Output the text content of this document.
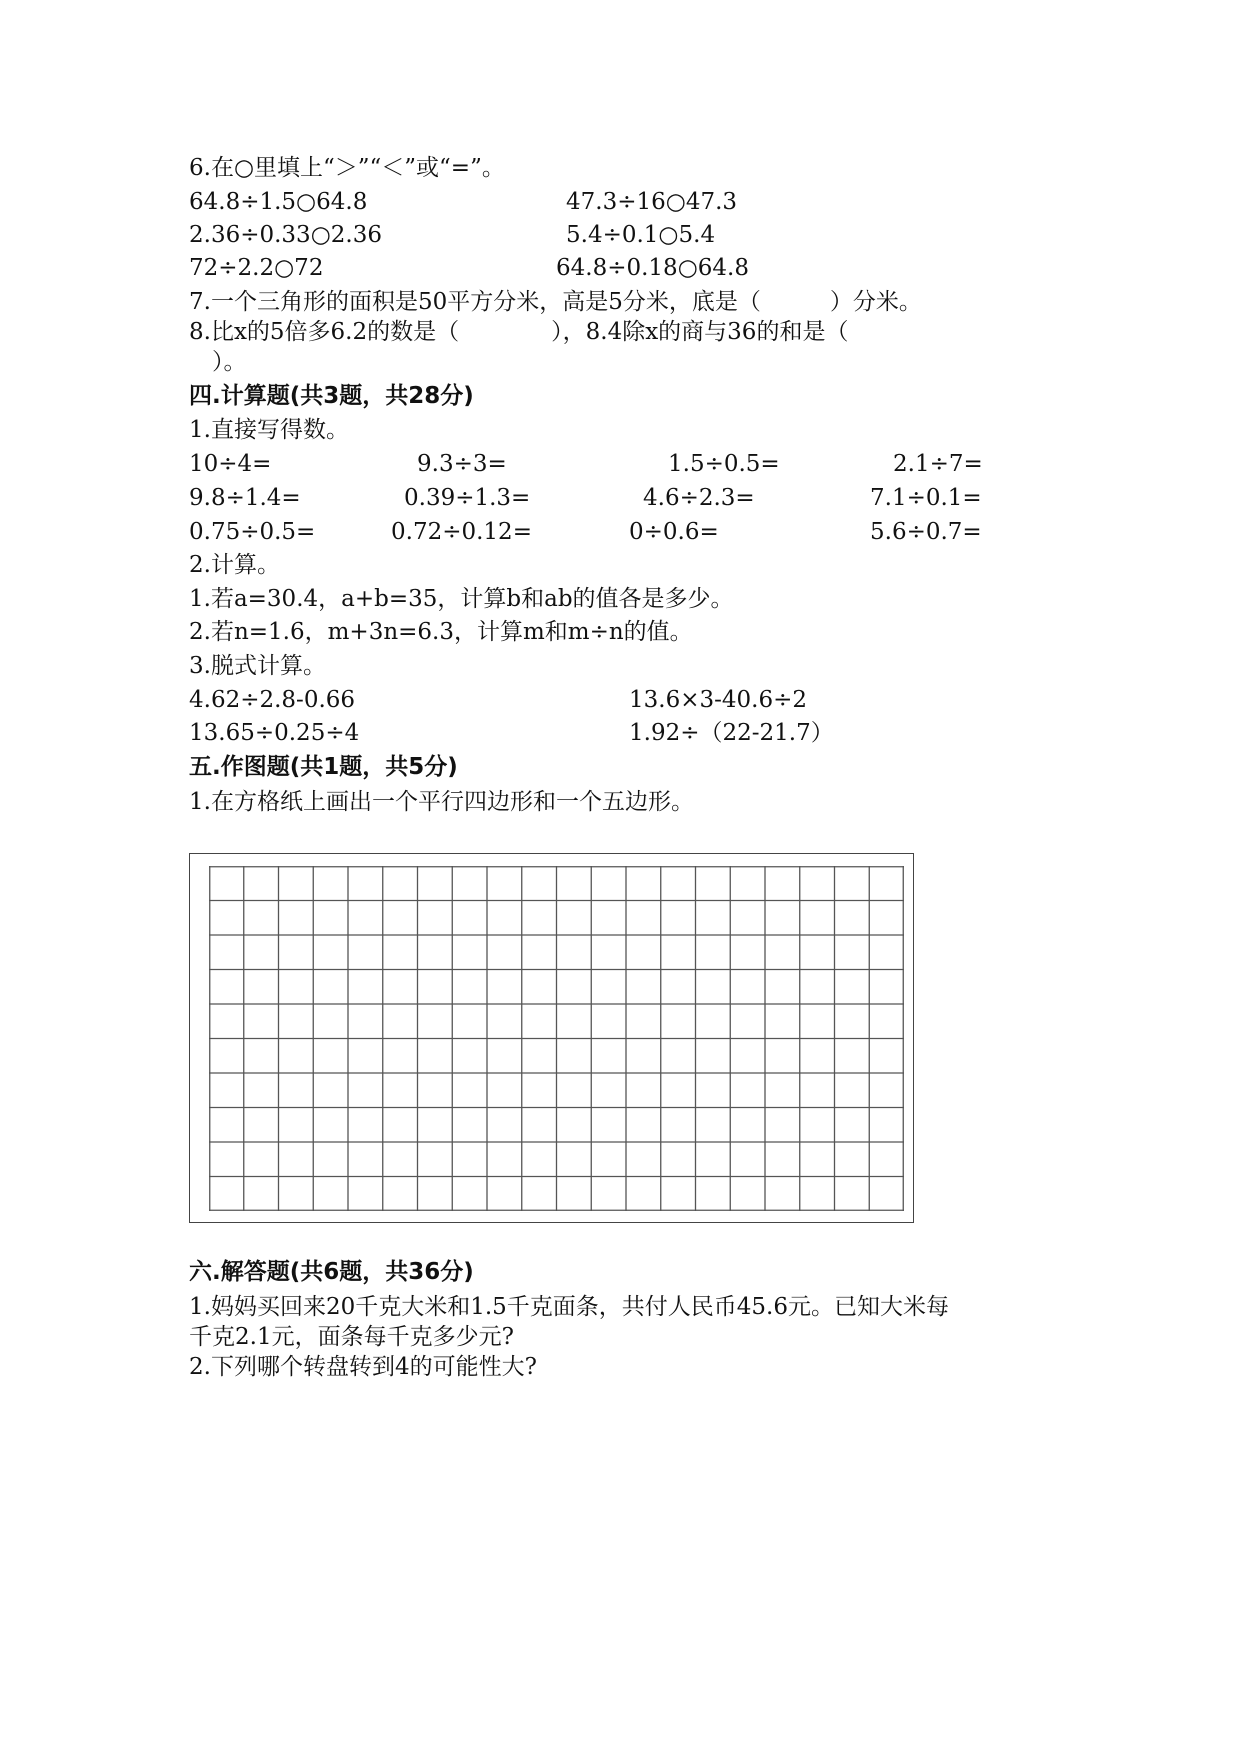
6.在○里填上“＞”“＜”或“=”。
64.8÷1.5○64.8	47.3÷16○47.3
2.36÷0.33○2.36	5.4÷0.1○5.4
72÷2.2○72	64.8÷0.18○64.8
7.一个三角形的面积是50平方分米，高是5分米，底是（　　　）分米。
8.比x的5倍多6.2的数是（　　　　），8.4除x的商与36的和是（
　）。
四.计算题(共3题，共28分)
1.直接写得数。
10÷4=	9.3÷3=	1.5÷0.5=	2.1÷7=
9.8÷1.4=	0.39÷1.3=	4.6÷2.3=	7.1÷0.1=
0.75÷0.5=	0.72÷0.12=	0÷0.6=	5.6÷0.7=
2.计算。
1.若a=30.4，a+b=35，计算b和ab的值各是多少。
2.若n=1.6，m+3n=6.3，计算m和m÷n的值。
3.脱式计算。
4.62÷2.8-0.66	13.6×3-40.6÷2
13.65÷0.25÷4	1.92÷（22-21.7）
五.作图题(共1题，共5分)
1.在方格纸上画出一个平行四边形和一个五边形。
六.解答题(共6题，共36分)
1.妈妈买回来20千克大米和1.5千克面条，共付人民币45.6元。已知大米每
千克2.1元，面条每千克多少元?
2.下列哪个转盘转到4的可能性大?
